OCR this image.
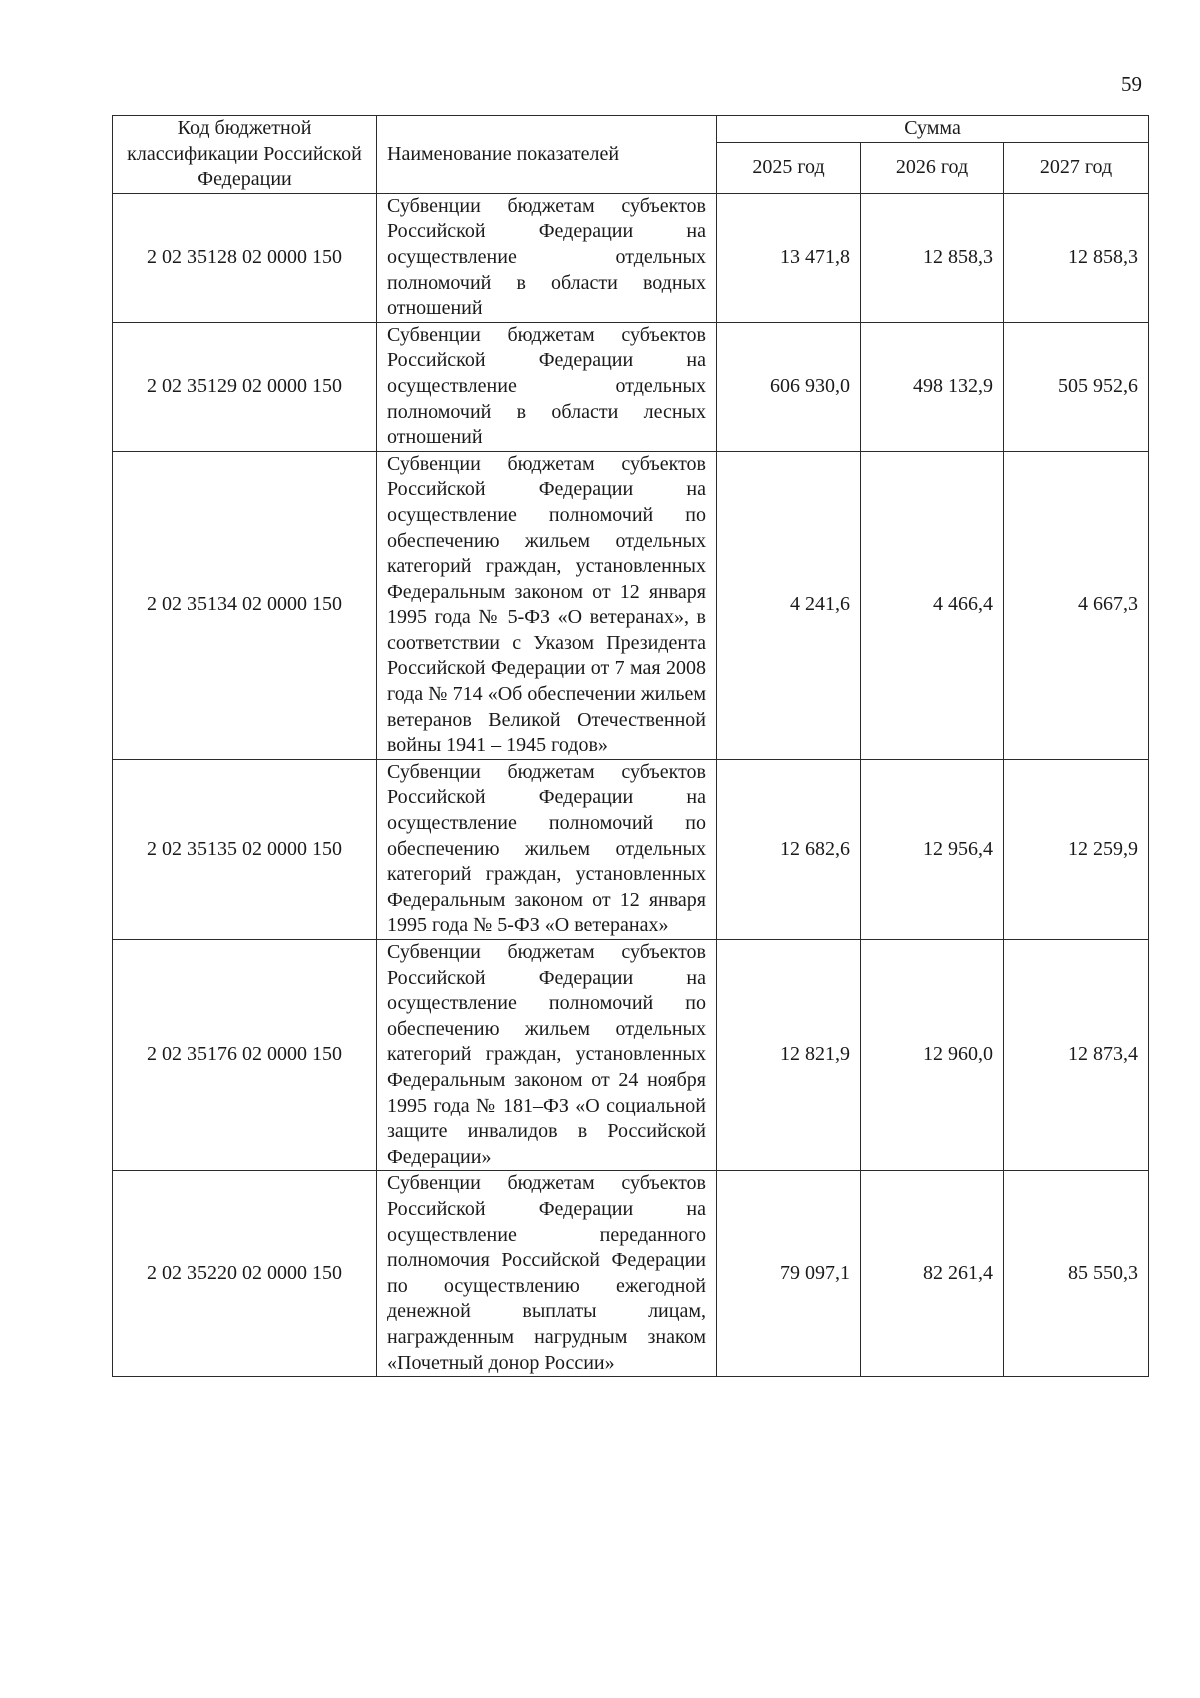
59
Код бюджетной классификации Российской Федерации	Наименование показателей	Сумма		
		2025 год	2026 год	2027 год
2 02 35128 02 0000 150	Субвенции бюджетам субъектов Российской Федерации на осуществление отдельных полномочий в области водных отношений	13 471,8	12 858,3	12 858,3
2 02 35129 02 0000 150	Субвенции бюджетам субъектов Российской Федерации на осуществление отдельных полномочий в области лесных отношений	606 930,0	498 132,9	505 952,6
2 02 35134 02 0000 150	Субвенции бюджетам субъектов Российской Федерации на осуществление полномочий по обеспечению жильем отдельных категорий граждан, установленных Федеральным законом от 12 января 1995 года № 5-ФЗ «О ветеранах», в соответствии с Указом Президента Российской Федерации от 7 мая 2008 года № 714 «Об обеспечении жильем ветеранов Великой Отечественной войны 1941 – 1945 годов»	4 241,6	4 466,4	4 667,3
2 02 35135 02 0000 150	Субвенции бюджетам субъектов Российской Федерации на осуществление полномочий по обеспечению жильем отдельных категорий граждан, установленных Федеральным законом от 12 января 1995 года № 5-ФЗ «О ветеранах»	12 682,6	12 956,4	12 259,9
2 02 35176 02 0000 150	Субвенции бюджетам субъектов Российской Федерации на осуществление полномочий по обеспечению жильем отдельных категорий граждан, установленных Федеральным законом от 24 ноября 1995 года № 181–ФЗ «О социальной защите инвалидов в Российской Федерации»	12 821,9	12 960,0	12 873,4
2 02 35220 02 0000 150	Субвенции бюджетам субъектов Российской Федерации на осуществление переданного полномочия Российской Федерации по осуществлению ежегодной денежной выплаты лицам, награжденным нагрудным знаком «Почетный донор России»	79 097,1	82 261,4	85 550,3
